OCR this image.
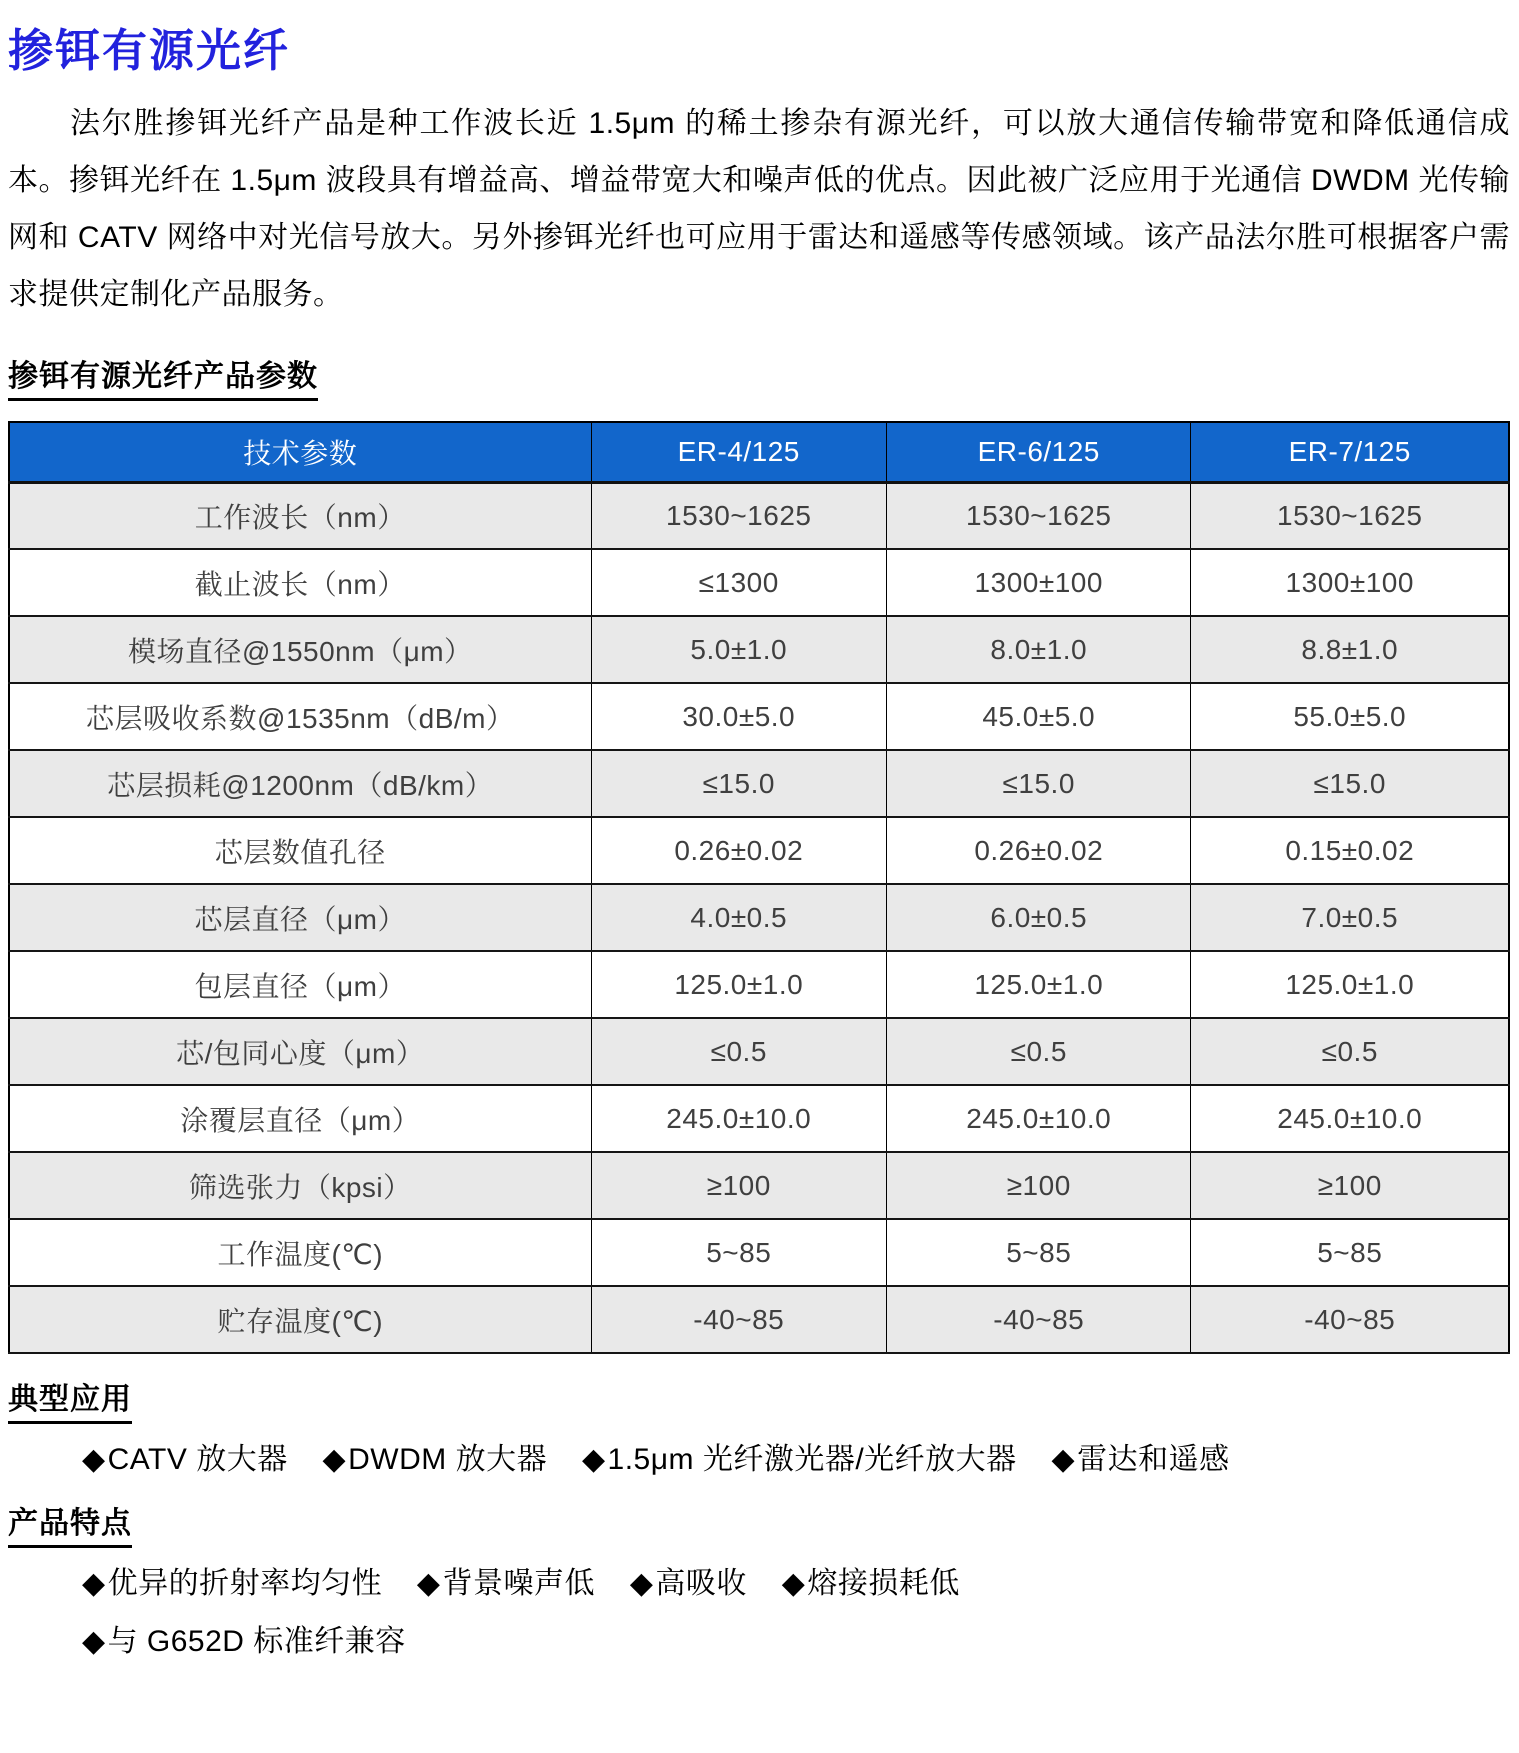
掺铒有源光纤

法尔胜掺铒光纤产品是种工作波长近 1.5μm 的稀土掺杂有源光纤，可以放大通信传输带宽和降低通信成本。掺铒光纤在 1.5μm 波段具有增益高、增益带宽大和噪声低的优点。因此被广泛应用于光通信 DWDM 光传输网和 CATV 网络中对光信号放大。另外掺铒光纤也可应用于雷达和遥感等传感领域。该产品法尔胜可根据客户需求提供定制化产品服务。

掺铒有源光纤产品参数
技术参数	ER-4/125	ER-6/125	ER-7/125
工作波长（nm）	1530~1625	1530~1625	1530~1625
截止波长（nm）	≤1300	1300±100	1300±100
模场直径@1550nm（μm）	5.0±1.0	8.0±1.0	8.8±1.0
芯层吸收系数@1535nm（dB/m）	30.0±5.0	45.0±5.0	55.0±5.0
芯层损耗@1200nm（dB/km）	≤15.0	≤15.0	≤15.0
芯层数值孔径	0.26±0.02	0.26±0.02	0.15±0.02
芯层直径（μm）	4.0±0.5	6.0±0.5	7.0±0.5
包层直径（μm）	125.0±1.0	125.0±1.0	125.0±1.0
芯/包同心度（μm）	≤0.5	≤0.5	≤0.5
涂覆层直径（μm）	245.0±10.0	245.0±10.0	245.0±10.0
筛选张力（kpsi）	≥100	≥100	≥100
工作温度(℃)	5~85	5~85	5~85
贮存温度(℃)	-40~85	-40~85	-40~85
典型应用

◆CATV 放大器 ◆DWDM 放大器 ◆1.5μm 光纤激光器/光纤放大器 ◆雷达和遥感

产品特点

◆优异的折射率均匀性 ◆背景噪声低 ◆高吸收 ◆熔接损耗低

◆与 G652D 标准纤兼容
